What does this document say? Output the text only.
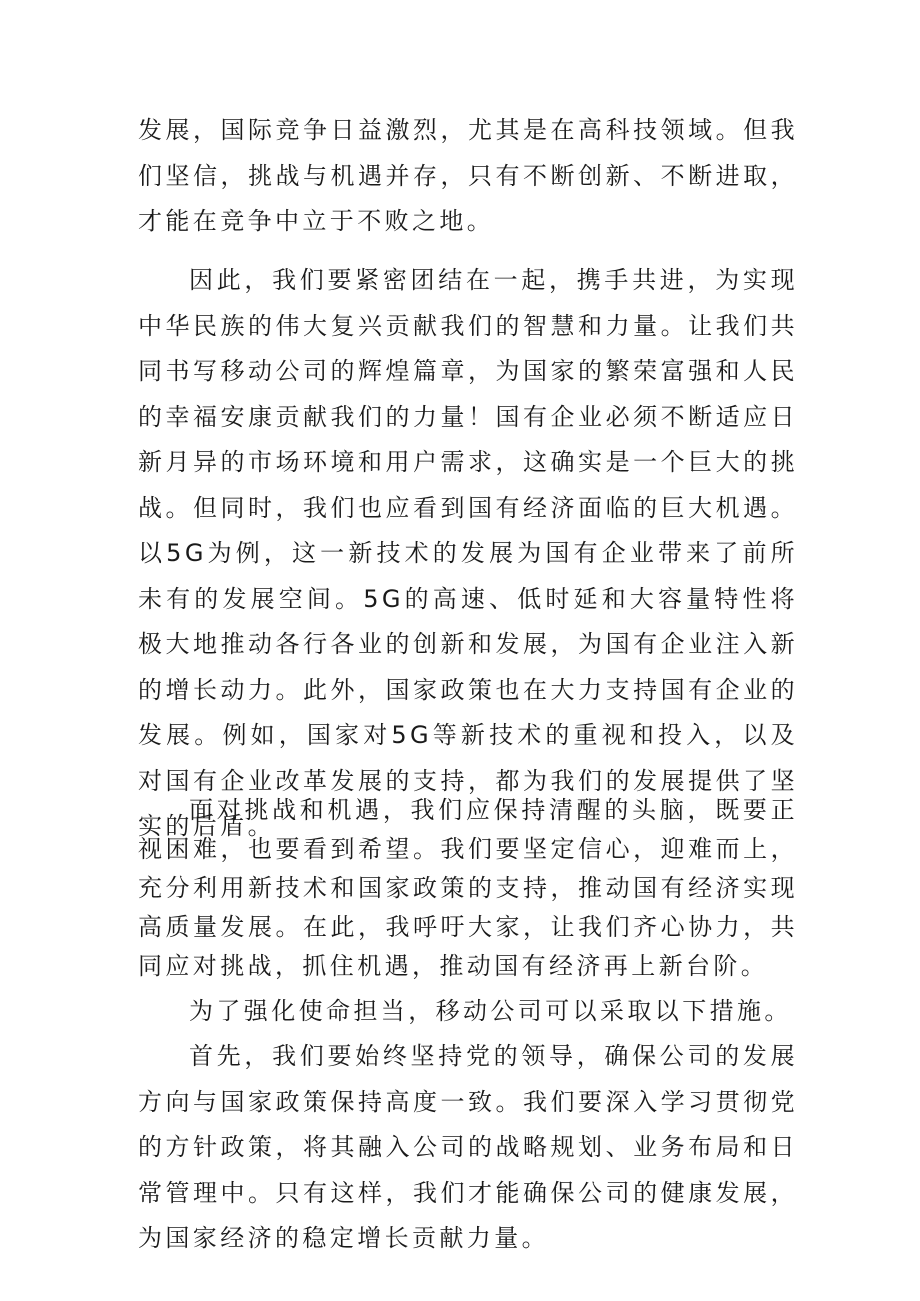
发展，国际竞争日益激烈，尤其是在高科技领域。但我们坚信，挑战与机遇并存，只有不断创新、不断进取，才能在竞争中立于不败之地。

因此，我们要紧密团结在一起，携手共进，为实现中华民族的伟大复兴贡献我们的智慧和力量。让我们共同书写移动公司的辉煌篇章，为国家的繁荣富强和人民的幸福安康贡献我们的力量！国有企业必须不断适应日新月异的市场环境和用户需求，这确实是一个巨大的挑战。但同时，我们也应看到国有经济面临的巨大机遇。以5G为例，这一新技术的发展为国有企业带来了前所未有的发展空间。5G的高速、低时延和大容量特性将极大地推动各行各业的创新和发展，为国有企业注入新的增长动力。此外，国家政策也在大力支持国有企业的发展。例如，国家对5G等新技术的重视和投入，以及对国有企业改革发展的支持，都为我们的发展提供了坚实的后盾。

面对挑战和机遇，我们应保持清醒的头脑，既要正视困难，也要看到希望。我们要坚定信心，迎难而上，充分利用新技术和国家政策的支持，推动国有经济实现高质量发展。在此，我呼吁大家，让我们齐心协力，共同应对挑战，抓住机遇，推动国有经济再上新台阶。

为了强化使命担当，移动公司可以采取以下措施。

首先，我们要始终坚持党的领导，确保公司的发展方向与国家政策保持高度一致。我们要深入学习贯彻党的方针政策，将其融入公司的战略规划、业务布局和日常管理中。只有这样，我们才能确保公司的健康发展，为国家经济的稳定增长贡献力量。
